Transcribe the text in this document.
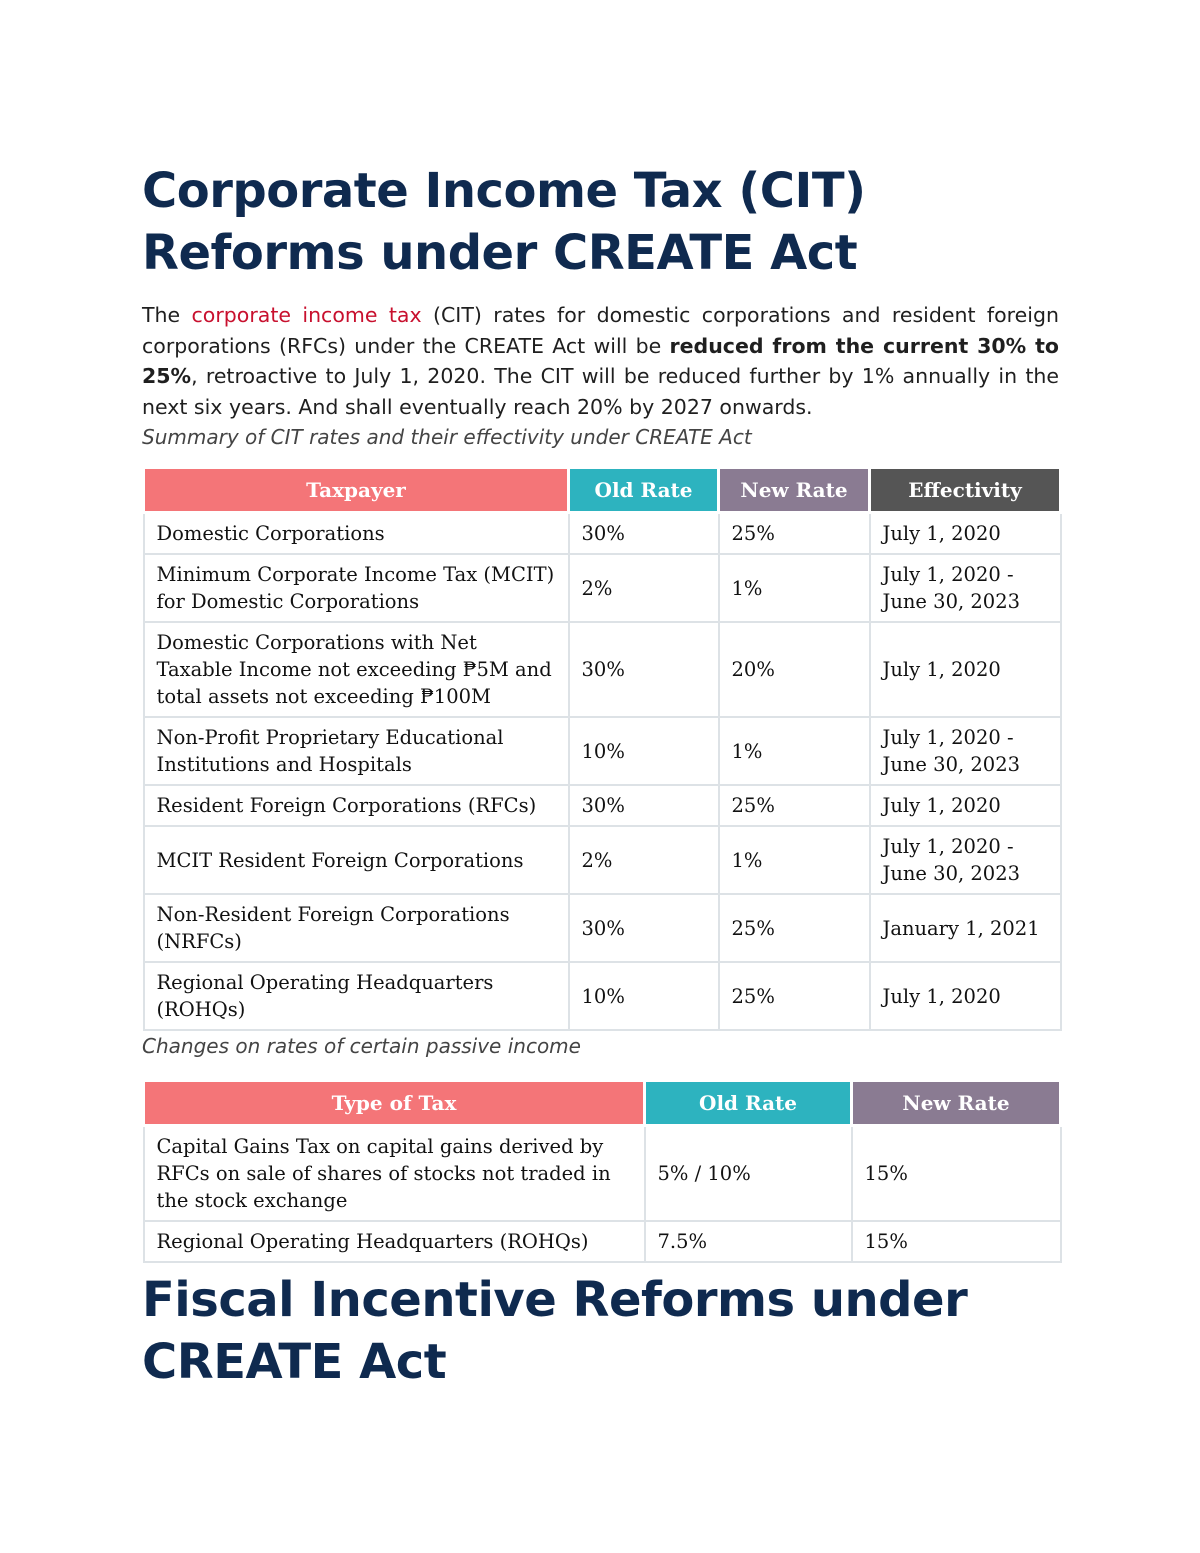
Corporate Income Tax (CIT)
Reforms under CREATE Act

The corporate income tax (CIT) rates for domestic corporations and resident foreign corporations (RFCs) under the CREATE Act will be reduced from the current 30% to 25%, retroactive to July 1, 2020. The CIT will be reduced further by 1% annually in the next six years. And shall eventually reach 20% by 2027 onwards.

Summary of CIT rates and their effectivity under CREATE Act

Taxpayer	Old Rate	New Rate	Effectivity
Domestic Corporations	30%	25%	July 1, 2020
Minimum Corporate Income Tax (MCIT) for Domestic Corporations	2%	1%	July 1, 2020 - June 30, 2023
Domestic Corporations with Net Taxable Income not exceeding ₱5M and total assets not exceeding ₱100M	30%	20%	July 1, 2020
Non-Profit Proprietary Educational Institutions and Hospitals	10%	1%	July 1, 2020 - June 30, 2023
Resident Foreign Corporations (RFCs)	30%	25%	July 1, 2020
MCIT Resident Foreign Corporations	2%	1%	July 1, 2020 - June 30, 2023
Non-Resident Foreign Corporations (NRFCs)	30%	25%	January 1, 2021
Regional Operating Headquarters (ROHQs)	10%	25%	July 1, 2020

Changes on rates of certain passive income

Type of Tax	Old Rate	New Rate
Capital Gains Tax on capital gains derived by RFCs on sale of shares of stocks not traded in the stock exchange	5% / 10%	15%
Regional Operating Headquarters (ROHQs)	7.5%	15%
Fiscal Incentive Reforms under
CREATE Act
